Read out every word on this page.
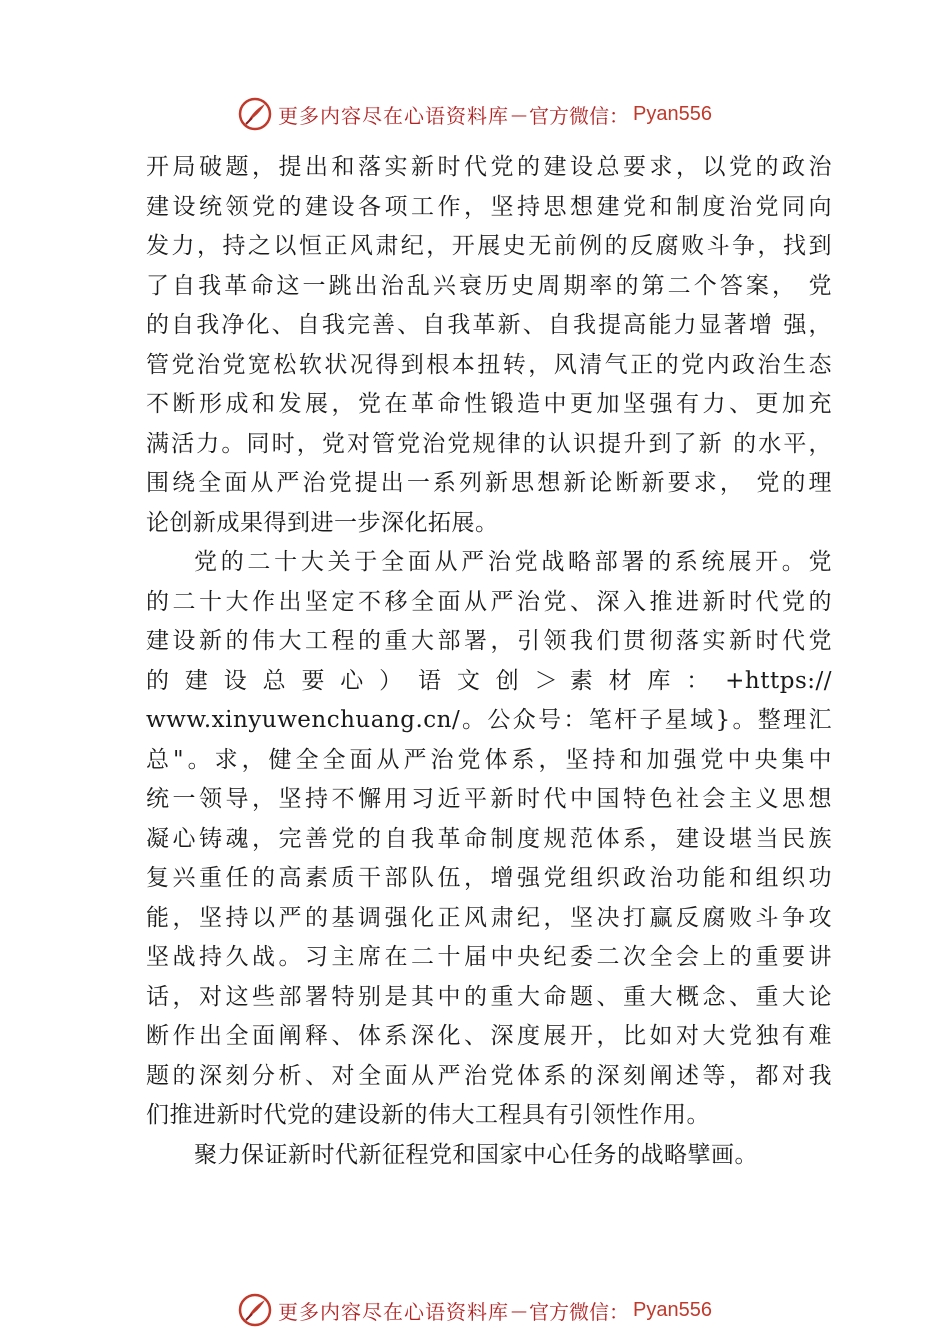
更多内容尽在心语资料库 — 官方微信： Pyan556
开局破题，提出和落实新时代党的建设总要求，以党的政治
建设统领党的建设各项工作，坚持思想建党和制度治党同向
发力，持之以恒正风肃纪，开展史无前例的反腐败斗争，找到
了自我革命这一跳出治乱兴衰历史周期率的第二个答案， 党
的自我净化、自我完善、自我革新、自我提高能力显著增 强，
管党治党宽松软状况得到根本扭转，风清气正的党内政治生态
不断形成和发展，党在革命性锻造中更加坚强有力、更加充
满活力。同时，党对管党治党规律的认识提升到了新 的水平，
围绕全面从严治党提出一系列新思想新论断新要求， 党的理
论创新成果得到进一步深化拓展。
党的二十大关于全面从严治党战略部署的系统展开。党
的二十大作出坚定不移全面从严治党、深入推进新时代党的
建设新的伟大工程的重大部署，引领我们贯彻落实新时代党
的 建 设 总 要 心 ） 语 文 创 ＞ 素 材 库 ： +https://
www.xinyuwenchuang.cn/。公众号：笔杆子星域}。整理汇
总"。求，健全全面从严治党体系，坚持和加强党中央集中
统一领导，坚持不懈用习近平新时代中国特色社会主义思想
凝心铸魂，完善党的自我革命制度规范体系，建设堪当民族
复兴重任的高素质干部队伍，增强党组织政治功能和组织功
能，坚持以严的基调强化正风肃纪，坚决打赢反腐败斗争攻
坚战持久战。习主席在二十届中央纪委二次全会上的重要讲
话，对这些部署特别是其中的重大命题、重大概念、重大论
断作出全面阐释、体系深化、深度展开，比如对大党独有难
题的深刻分析、对全面从严治党体系的深刻阐述等，都对我
们推进新时代党的建设新的伟大工程具有引领性作用。
聚力保证新时代新征程党和国家中心任务的战略擘画。
更多内容尽在心语资料库 — 官方微信： Pyan556
